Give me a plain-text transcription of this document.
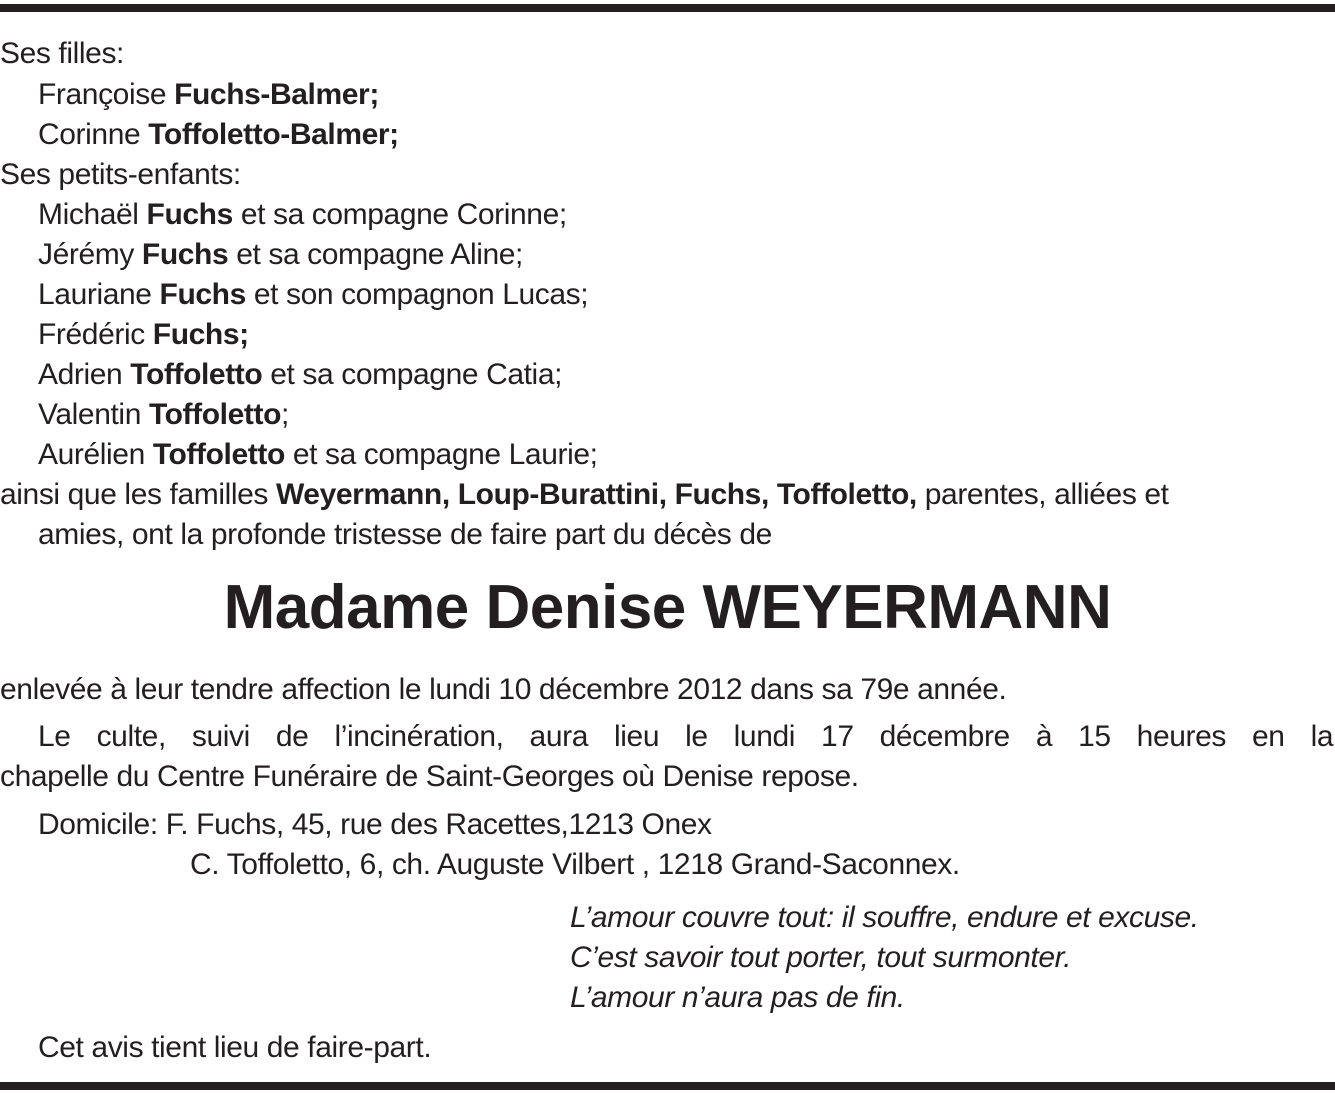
Ses filles:
Françoise Fuchs-Balmer;
Corinne Toffoletto-Balmer;
Ses petits-enfants:
Michaël Fuchs et sa compagne Corinne;
Jérémy Fuchs et sa compagne Aline;
Lauriane Fuchs et son compagnon Lucas;
Frédéric Fuchs;
Adrien Toffoletto et sa compagne Catia;
Valentin Toffoletto;
Aurélien Toffoletto et sa compagne Laurie;
ainsi que les familles Weyermann, Loup-Burattini, Fuchs, Toffoletto, parentes, alliées et
amies, ont la profonde tristesse de faire part du décès de
Madame Denise WEYERMANN
enlevée à leur tendre affection le lundi 10 décembre 2012 dans sa 79e année.
Le culte, suivi de l’incinération, aura lieu le lundi 17 décembre à 15 heures en la
chapelle du Centre Funéraire de Saint-Georges où Denise repose.
Domicile: F. Fuchs, 45, rue des Racettes,1213 Onex
C. Toffoletto, 6, ch. Auguste Vilbert , 1218 Grand-Saconnex.
L’amour couvre tout: il souffre, endure et excuse.
C’est savoir tout porter, tout surmonter.
L’amour n’aura pas de fin.
Cet avis tient lieu de faire-part.
